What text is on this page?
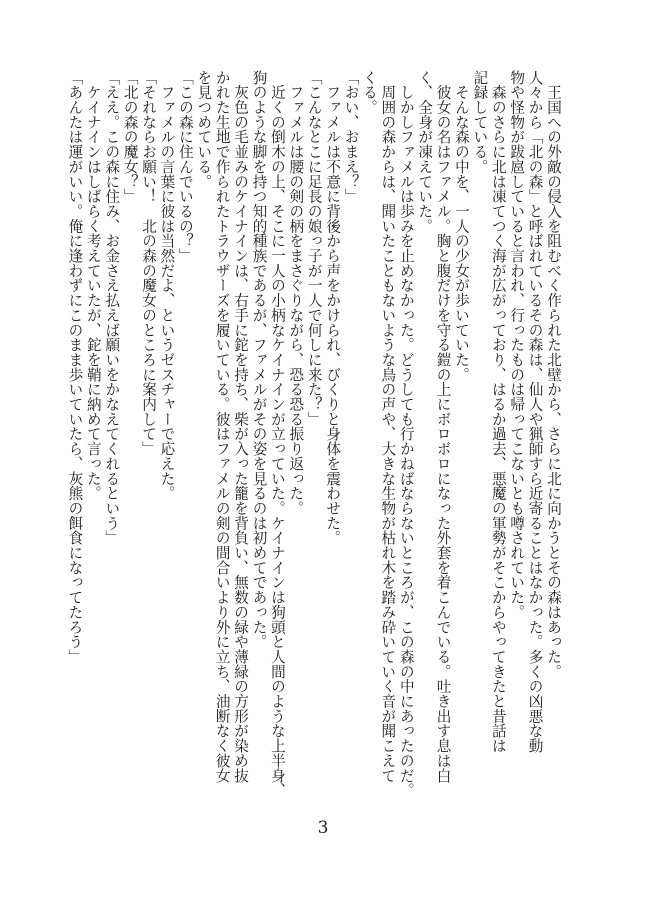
　王国への外敵の侵入を阻むべく作られた北壁から、さらに北に向かうとその森はあった。
人々から「北の森」と呼ばれているその森は、仙人や猟師すら近寄ることはなかった。多くの凶悪な動
物や怪物が跋扈していると言われ、行ったものは帰ってこないとも噂されていた。
　森のさらに北は凍てつく海が広がっており、はるか過去、悪魔の軍勢がそこからやってきたと昔話は
記録している。
　そんな森の中を、一人の少女が歩いていた。
　彼女の名はファメル。胸と腹だけを守る鎧の上にボロボロになった外套を着こんでいる。吐き出す息は白
く、全身が凍えていた。
　しかしファメルは歩みを止めなかった。どうしても行かねばならないところが、この森の中にあったのだ。
　周囲の森からは、聞いたこともないような鳥の声や、大きな生物が枯れ木を踏み砕いていく音が聞こえて
くる。
「おい、おまえ？」
　ファメルは不意に背後から声をかけられ、びくりと身体を震わせた。
「こんなとこに足長の娘っ子が一人で何しに来た？」
　ファメルは腰の剣の柄をまさぐりながら、恐る恐る振り返った。
　近くの倒木の上、そこに一人の小柄なケイナインが立っていた。ケイナインは狗頭と人間のような上半身、
狗のような脚を持つ知的種族であるが、ファメルがその姿を見るのは初めてであった。
　灰色の毛並みのケイナインは、右手に鉈を持ち、柴が入った籠を背負い、無数の緑や薄緑の方形が染め抜
かれた生地で作られたトラウザーズを履いている。彼はファメルの剣の間合いより外に立ち、油断なく彼女
を見つめている。
「この森に住んでいるの？」
　ファメルの言葉に彼は当然だよ、というゼスチャーで応えた。
「それならお願い！　北の森の魔女のところに案内して」
「北の森の魔女？」
「ええ。この森に住み、お金さえ払えば願いをかなえてくれるという」
　ケイナインはしばらく考えていたが、鉈を鞘に納めて言った。
「あんたは運がいい。俺に逢わずにこのまま歩いていたら、灰熊の餌食になってたろう」
3
